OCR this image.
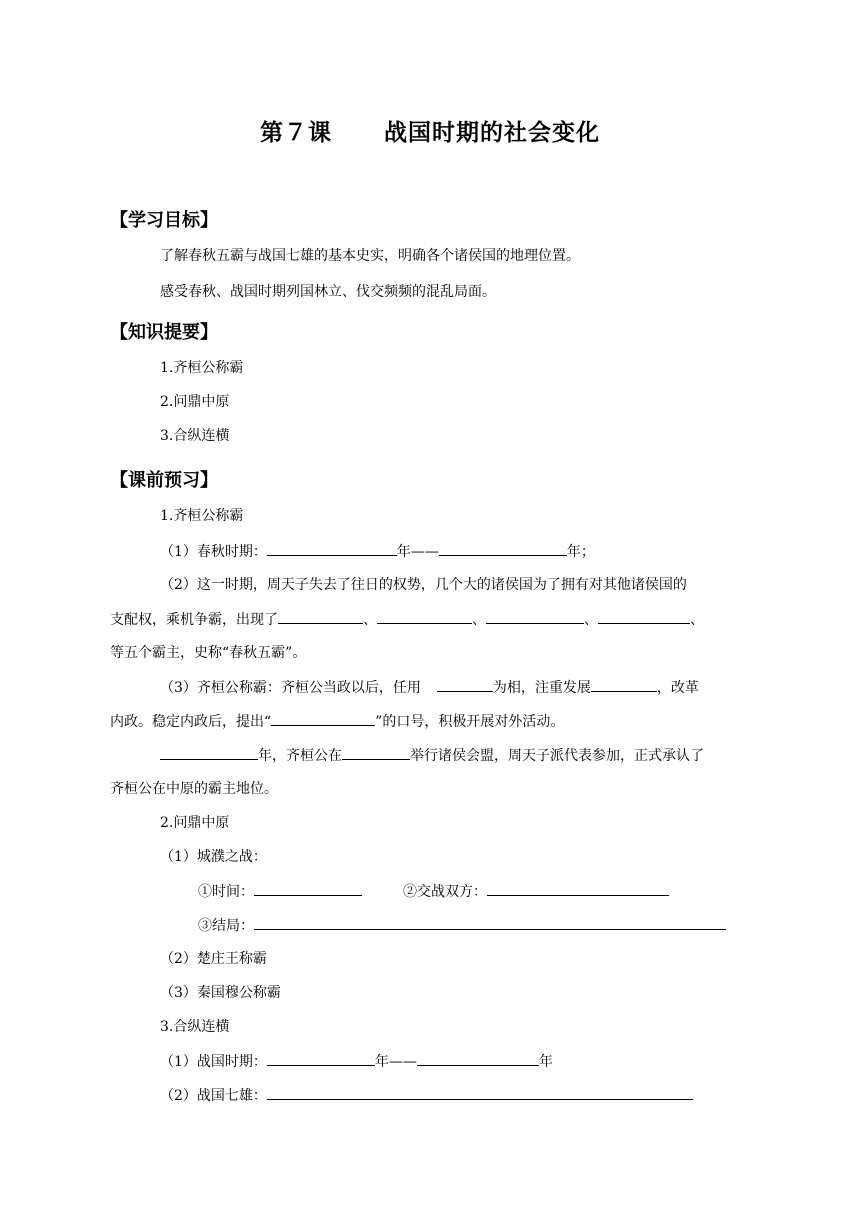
第７课 战国时期的社会变化
【学习目标】
了解春秋五霸与战国七雄的基本史实，明确各个诸侯国的地理位置。
感受春秋、战国时期列国林立、伐交频频的混乱局面。
【知识提要】
1.齐桓公称霸
2.问鼎中原
3.合纵连横
【课前预习】
1.齐桓公称霸
（1）春秋时期：	年——	年；
（2）这一时期，周天子失去了往日的权势，几个大的诸侯国为了拥有对其他诸侯国的
支配权，乘机争霸，出现了	、	、	、	、
等五个霸主，史称“春秋五霸”。
（3）齐桓公称霸：齐桓公当政以后，任用	为相，注重发展	，改革
内政。稳定内政后，提出“	”的口号，积极开展对外活动。
年，齐桓公在	举行诸侯会盟，周天子派代表参加，正式承认了
齐桓公在中原的霸主地位。
2.问鼎中原
（1）城濮之战：
①时间：	②交战双方：
③结局：
（2）楚庄王称霸
（3）秦国穆公称霸
3.合纵连横
（1）战国时期：	年——	年
（2）战国七雄：
